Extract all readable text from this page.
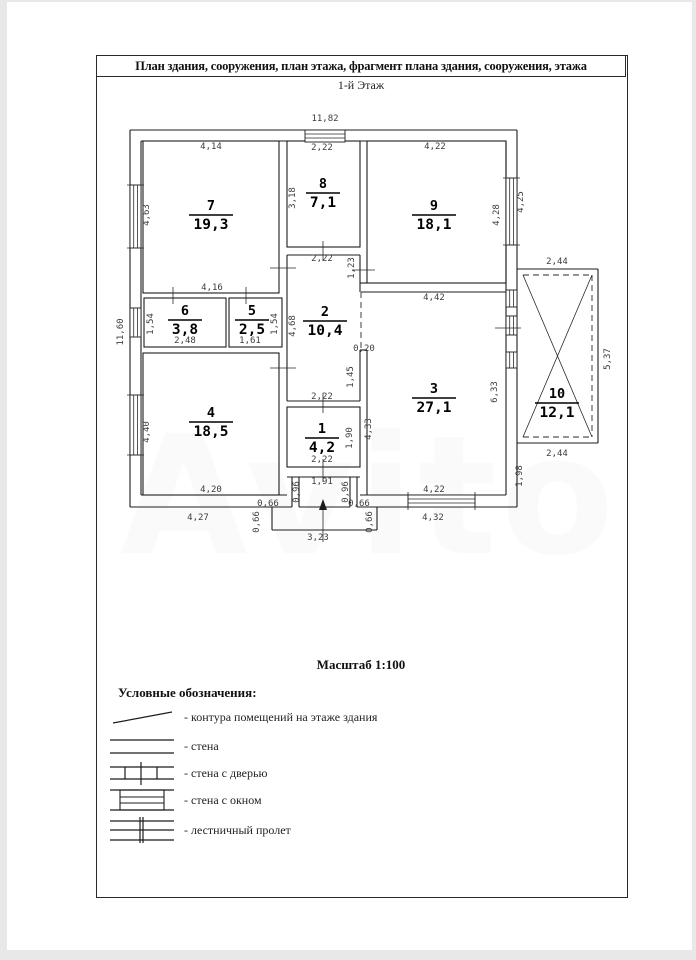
План здания, сооружения, план этажа, фрагмент плана здания, сооружения, этажа
1-й Этаж
7
19,3
8
7,1	9
18,1
6
3,8
5
2,5
2
10,4
4
18,5	1
4,2
3
27,1
10
12,1
11,82
4,14	2,22	4,22
4,63
3,18
4,28
4,25
2,22 1,23	2,44
4,16
1,54
2,48
1,54
1,61
11,60	4,68
4,42
0,20
1,45
6,33
5,37
4,40	1,90 4,33
2,22
2,22
1,91
0,96	0,96
0,66	0,66
0,66	0,66
4,20
4,27
4,22
4,32
3,23
1,98
2,44
Масштаб 1:100
Условные обозначения:
- контура помещений на этаже здания
- стена
- стена с дверью
- стена с окном
- лестничный пролет
